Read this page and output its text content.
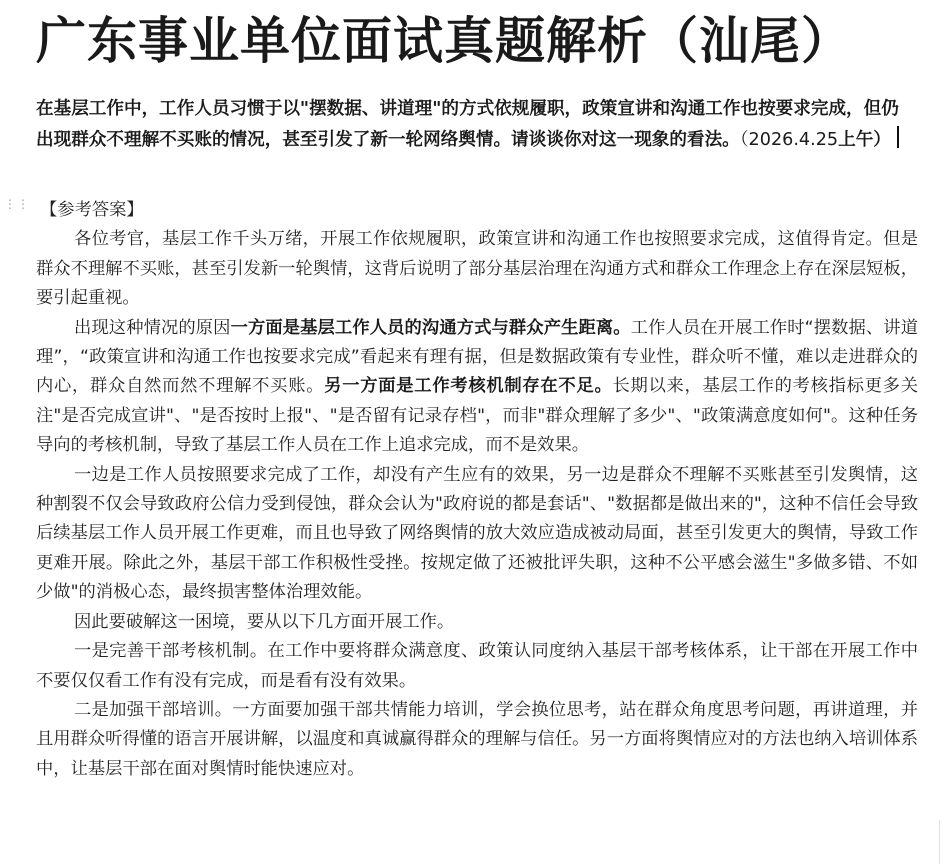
广东事业单位面试真题解析（汕尾）

在基层工作中，工作人员习惯于以"摆数据、讲道理"的方式依规履职，政策宣讲和沟通工作也按要求完成，但仍出现群众不理解不买账的情况，甚至引发了新一轮网络舆情。请谈谈你对这一现象的看法。（2026.4.25上午）

⋮⋮ 【参考答案】

各位考官，基层工作千头万绪，开展工作依规履职，政策宣讲和沟通工作也按照要求完成，这值得肯定。但是群众不理解不买账，甚至引发新一轮舆情，这背后说明了部分基层治理在沟通方式和群众工作理念上存在深层短板，要引起重视。

出现这种情况的原因一方面是基层工作人员的沟通方式与群众产生距离。工作人员在开展工作时“摆数据、讲道理”，“政策宣讲和沟通工作也按要求完成”看起来有理有据，但是数据政策有专业性，群众听不懂，难以走进群众的内心，群众自然而然不理解不买账。另一方面是工作考核机制存在不足。长期以来，基层工作的考核指标更多关注"是否完成宣讲"、"是否按时上报"、"是否留有记录存档"，而非"群众理解了多少"、"政策满意度如何"。这种任务导向的考核机制，导致了基层工作人员在工作上追求完成，而不是效果。

一边是工作人员按照要求完成了工作，却没有产生应有的效果，另一边是群众不理解不买账甚至引发舆情，这种割裂不仅会导致政府公信力受到侵蚀，群众会认为"政府说的都是套话"、"数据都是做出来的"，这种不信任会导致后续基层工作人员开展工作更难，而且也导致了网络舆情的放大效应造成被动局面，甚至引发更大的舆情，导致工作更难开展。除此之外，基层干部工作积极性受挫。按规定做了还被批评失职，这种不公平感会滋生"多做多错、不如少做"的消极心态，最终损害整体治理效能。

因此要破解这一困境，要从以下几方面开展工作。

一是完善干部考核机制。在工作中要将群众满意度、政策认同度纳入基层干部考核体系，让干部在开展工作中不要仅仅看工作有没有完成，而是看有没有效果。

二是加强干部培训。一方面要加强干部共情能力培训，学会换位思考，站在群众角度思考问题，再讲道理，并且用群众听得懂的语言开展讲解，以温度和真诚赢得群众的理解与信任。另一方面将舆情应对的方法也纳入培训体系中，让基层干部在面对舆情时能快速应对。
